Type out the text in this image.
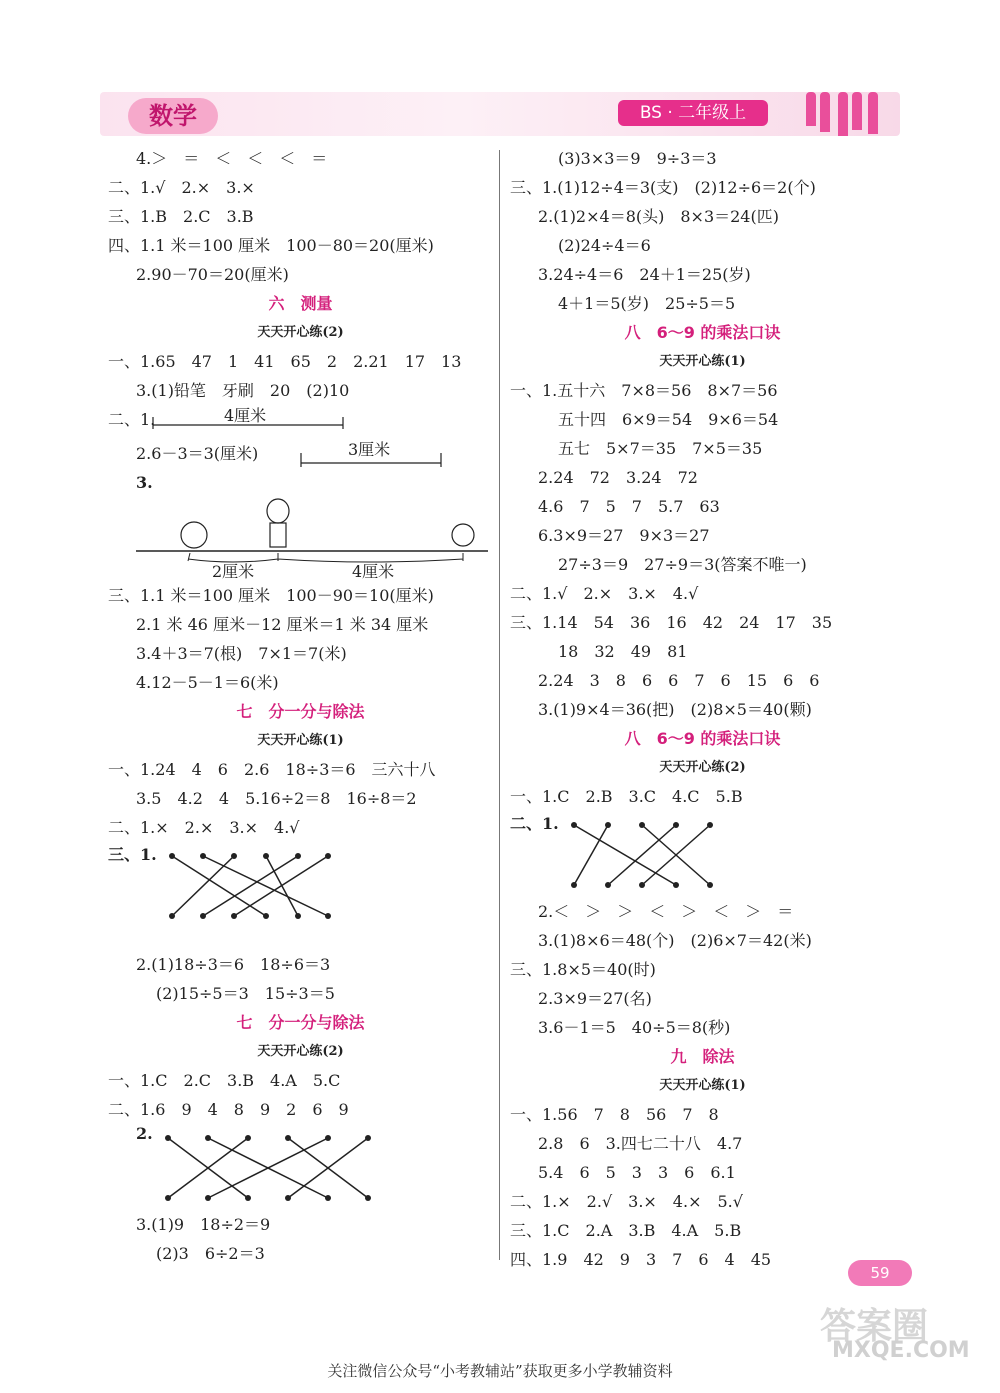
数学	BS · 二年级上
4.＞　＝　＜　＜　＜　＝
二、1.√　2.×　3.×
三、1.B　2.C　3.B
四、1.1 米＝100 厘米　100－80＝20(厘米)
2.90－70＝20(厘米)
六　测量
天天开心练(2)
一、1.65　47　1　41　65　2　2.21　17　13
3.(1)铅笔　牙刷　20　(2)10
二、1.	4厘米
2.6－3＝3(厘米)	3厘米
3.
2厘米	4厘米
三、1.1 米＝100 厘米　100－90＝10(厘米)
2.1 米 46 厘米－12 厘米＝1 米 34 厘米
3.4＋3＝7(根)　7×1＝7(米)
4.12－5－1＝6(米)
七　分一分与除法
天天开心练(1)
一、1.24　4　6　2.6　18÷3＝6　三六十八
3.5　4.2　4　5.16÷2＝8　16÷8＝2
二、1.×　2.×　3.×　4.√
三、1.
2.(1)18÷3＝6　18÷6＝3
(2)15÷5＝3　15÷3＝5
七　分一分与除法
天天开心练(2)
一、1.C　2.C　3.B　4.A　5.C
二、1.6　9　4　8　9　2　6　9
2.
3.(1)9　18÷2＝9
(2)3　6÷2＝3
(3)3×3＝9　9÷3＝3
三、1.(1)12÷4＝3(支)　(2)12÷6＝2(个)
2.(1)2×4＝8(头)　8×3＝24(匹)
(2)24÷4＝6
3.24÷4＝6　24＋1＝25(岁)
4＋1＝5(岁)　25÷5＝5
八　6～9 的乘法口诀
天天开心练(1)
一、1.五十六　7×8＝56　8×7＝56
五十四　6×9＝54　9×6＝54
五七　5×7＝35　7×5＝35
2.24　72　3.24　72
4.6　7　5　7　5.7　63
6.3×9＝27　9×3＝27
27÷3＝9　27÷9＝3(答案不唯一)
二、1.√　2.×　3.×　4.√
三、1.14　54　36　16　42　24　17　35
18　32　49　81
2.24　3　8　6　6　7　6　15　6　6
3.(1)9×4＝36(把)　(2)8×5＝40(颗)
八　6～9 的乘法口诀
天天开心练(2)
一、1.C　2.B　3.C　4.C　5.B
二、1.
2.＜　＞　＞　＜　＞　＜　＞　＝
3.(1)8×6＝48(个)　(2)6×7＝42(米)
三、1.8×5＝40(时)
2.3×9＝27(名)
3.6－1＝5　40÷5＝8(秒)
九　除法
天天开心练(1)
一、1.56　7　8　56　7　8
2.8　6　3.四七二十八　4.7
5.4　6　5　3　3　6　6.1
二、1.×　2.√　3.×　4.×　5.√
三、1.C　2.A　3.B　4.A　5.B
四、1.9　42　9　3　7　6　4　45
59
答案圈
MXQE.COM
关注微信公众号“小考教辅站”获取更多小学教辅资料
